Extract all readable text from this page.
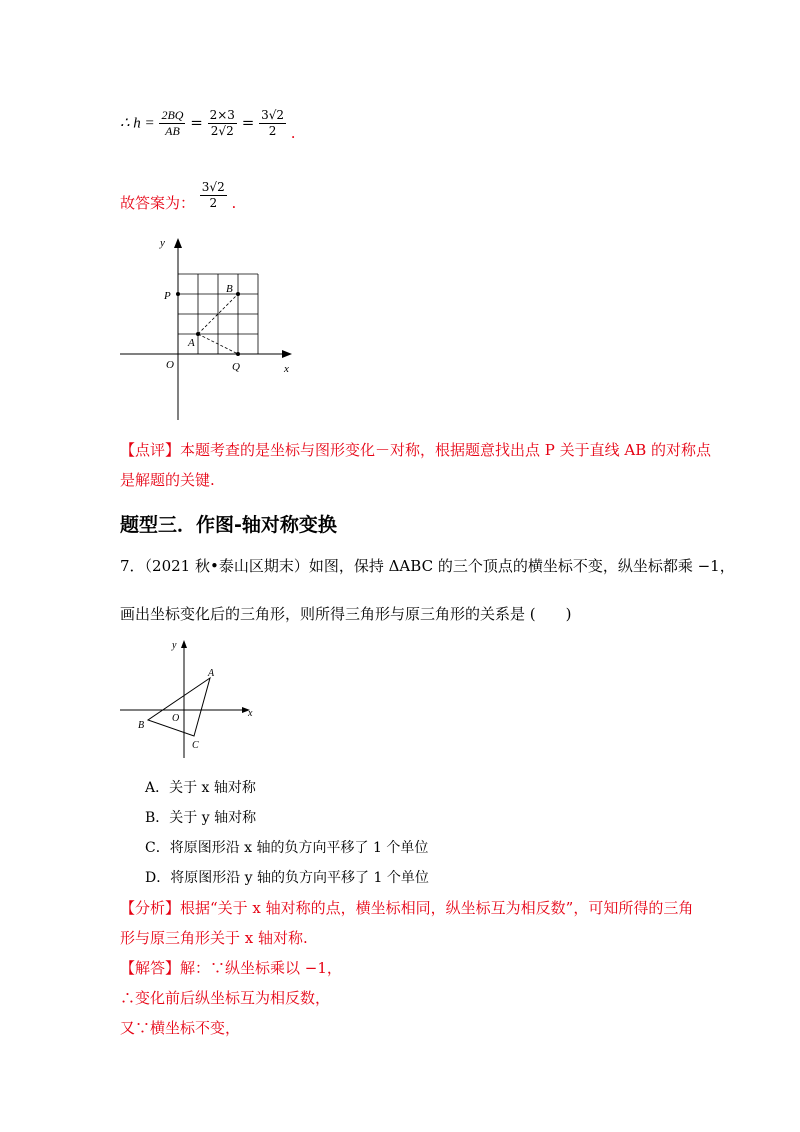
∴ $h = \frac{2BQ}{AB} = \frac{2\times 3}{2√2} = \frac{3√2}{2}$ .
故答案为： $\frac{3√2}{2}$ .
y
x
O
A
B
P
Q
【点评】本题考查的是坐标与图形变化－对称，根据题意找出点 P 关于直线 AB 的对称点
是解题的关键.
题型三．作图-轴对称变换
7．（2021 秋•泰山区期末）如图，保持 ΔABC 的三个顶点的横坐标不变，纵坐标都乘 −1，
画出坐标变化后的三角形，则所得三角形与原三角形的关系是 (　　)
y
x
O
A
B
C
A．关于 x 轴对称
B．关于 y 轴对称
C．将原图形沿 x 轴的负方向平移了 1 个单位
D．将原图形沿 y 轴的负方向平移了 1 个单位
【分析】根据“关于 x 轴对称的点，横坐标相同，纵坐标互为相反数”，可知所得的三角
形与原三角形关于 x 轴对称.
【解答】解：∵纵坐标乘以 −1，
∴变化前后纵坐标互为相反数，
又∵横坐标不变，
